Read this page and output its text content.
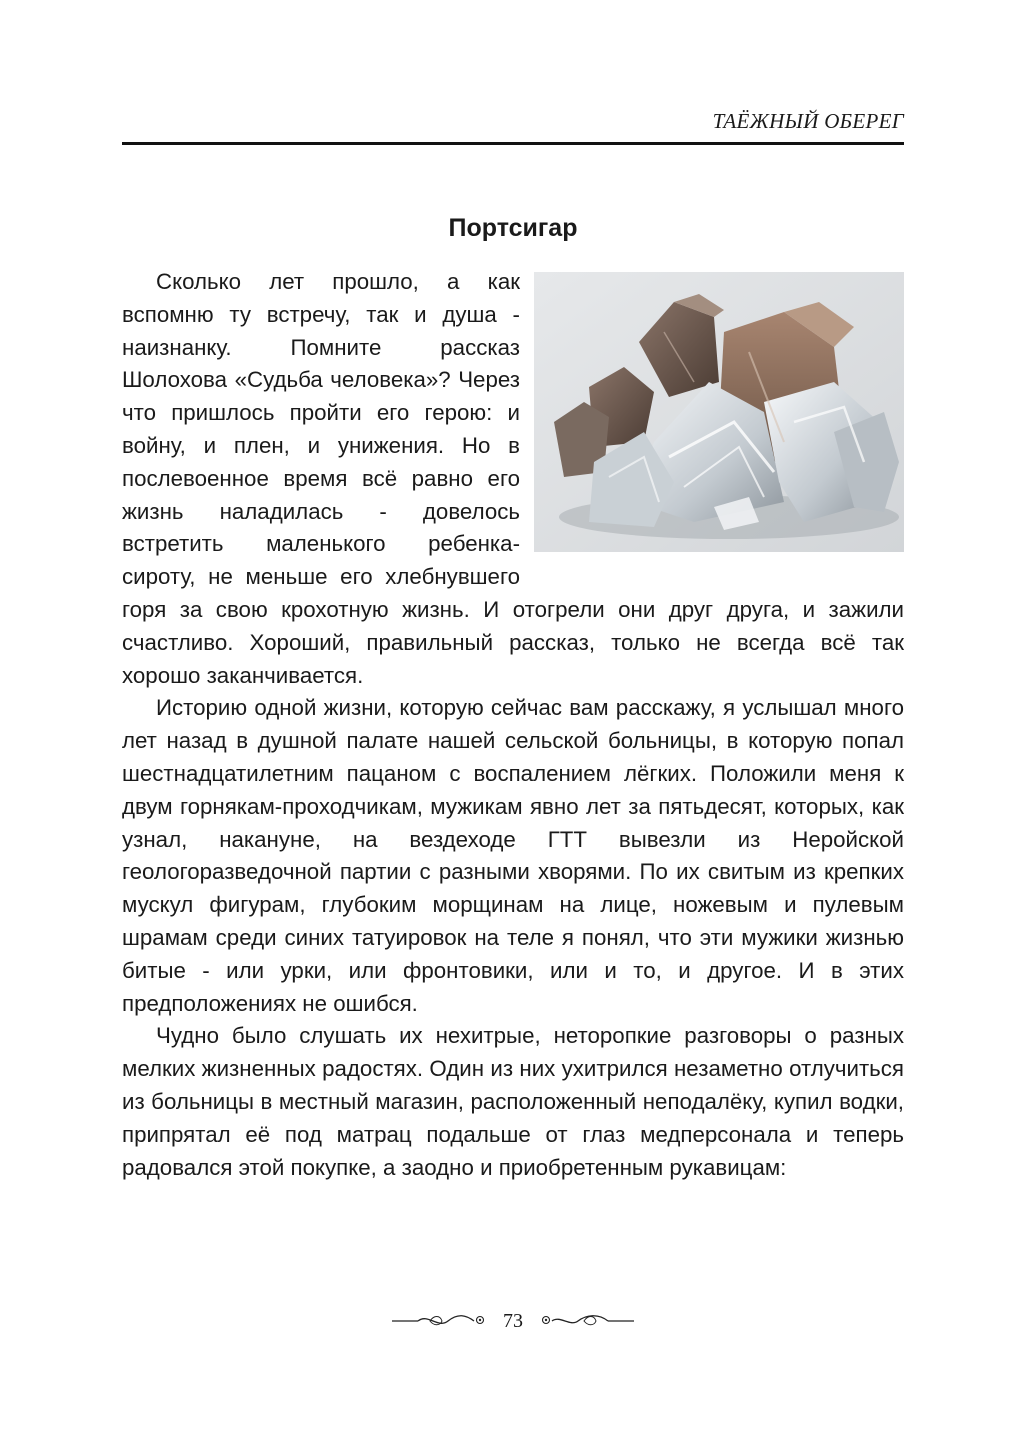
ТАЁЖНЫЙ ОБЕРЕГ
Портсигар

Сколько лет прошло, а как вспомню ту встречу, так и душа - наизнанку. Помните рассказ Шолохова «Судьба человека»? Через что пришлось пройти его герою: и войну, и плен, и унижения. Но в послевоенное время всё равно его жизнь наладилась - довелось встретить маленького ребенка-сироту, не меньше его хлебнувшего горя за свою крохотную жизнь. И отогрели они друг друга, и зажили счастливо. Хороший, правильный рассказ, только не всегда всё так хорошо заканчивается.

Историю одной жизни, которую сейчас вам расскажу, я услышал много лет назад в душной палате нашей сельской больницы, в которую попал шестнадцатилетним пацаном с воспалением лёгких. Положили меня к двум горнякам-проходчикам, мужикам явно лет за пятьдесят, которых, как узнал, накануне, на вездеходе ГТТ вывезли из Неройской геологоразведочной партии с разными хворями. По их свитым из крепких мускул фигурам, глубоким морщинам на лице, ножевым и пулевым шрамам среди синих татуировок на теле я понял, что эти мужики жизнью битые - или урки, или фронтовики, или и то, и другое. И в этих предположениях не ошибся.

Чудно было слушать их нехитрые, неторопкие разговоры о разных мелких жизненных радостях. Один из них ухитрился незаметно отлучиться из больницы в местный магазин, расположенный неподалёку, купил водки, припрятал её под матрац подальше от глаз медперсонала и теперь радовался этой покупке, а заодно и приобретенным рукавицам:

73
